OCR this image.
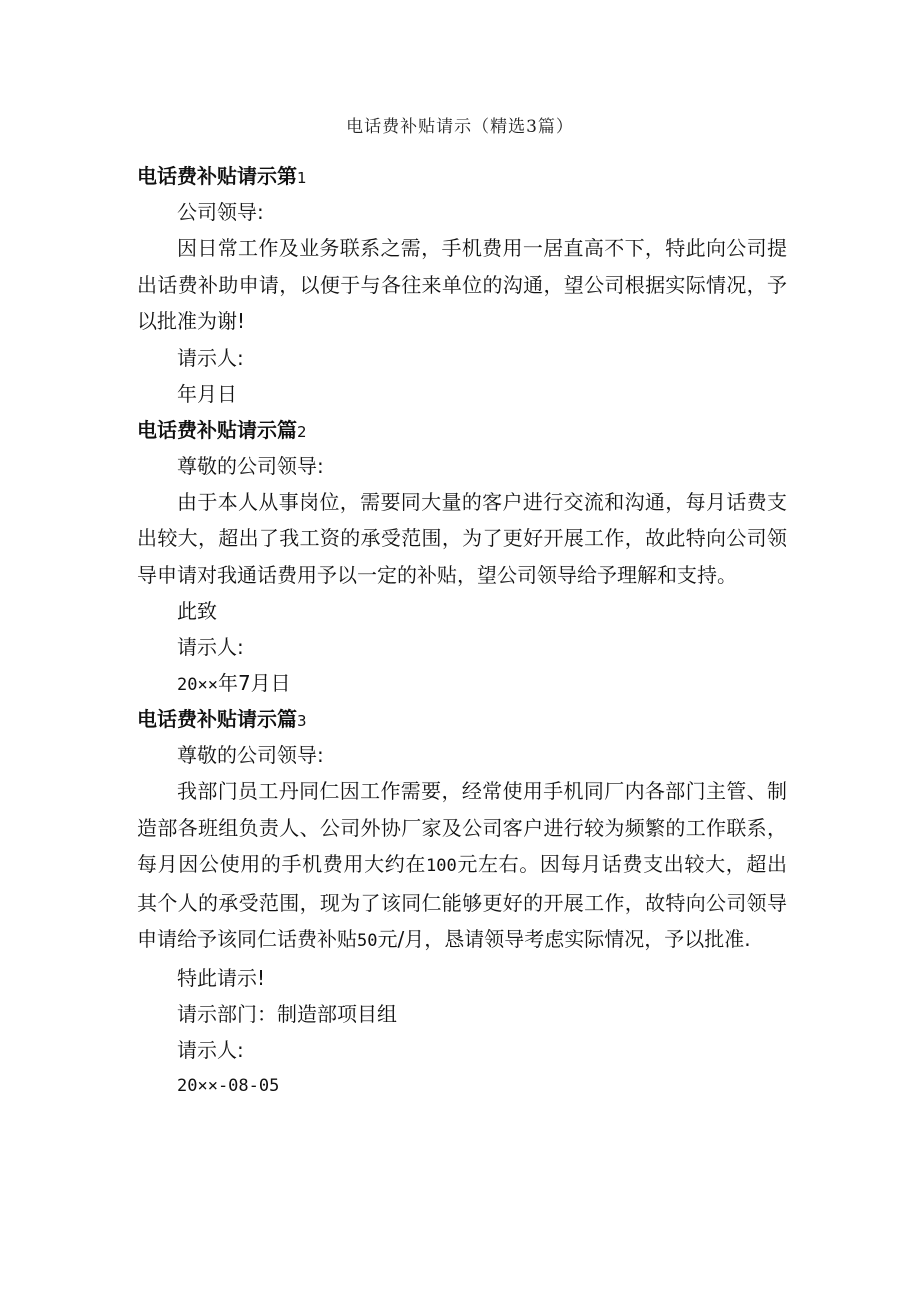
电话费补贴请示（精选3篇）
电话费补贴请示第1
公司领导:
因日常工作及业务联系之需，手机费用一居直高不下，特此向公司提出话费补助申请，以便于与各往来单位的沟通，望公司根据实际情况，予以批准为谢!
请示人:
年月日
电话费补贴请示篇2
尊敬的公司领导:
由于本人从事岗位，需要同大量的客户进行交流和沟通，每月话费支出较大，超出了我工资的承受范围，为了更好开展工作，故此特向公司领导申请对我通话费用予以一定的补贴，望公司领导给予理解和支持。
此致
请示人:
20××年7月日
电话费补贴请示篇3
尊敬的公司领导:
我部门员工丹同仁因工作需要，经常使用手机同厂内各部门主管、制造部各班组负责人、公司外协厂家及公司客户进行较为频繁的工作联系，每月因公使用的手机费用大约在100元左右。因每月话费支出较大，超出其个人的承受范围，现为了该同仁能够更好的开展工作，故特向公司领导申请给予该同仁话费补贴50元/月，恳请领导考虑实际情况，予以批准.
特此请示!
请示部门：制造部项目组
请示人:
20××-08-05
